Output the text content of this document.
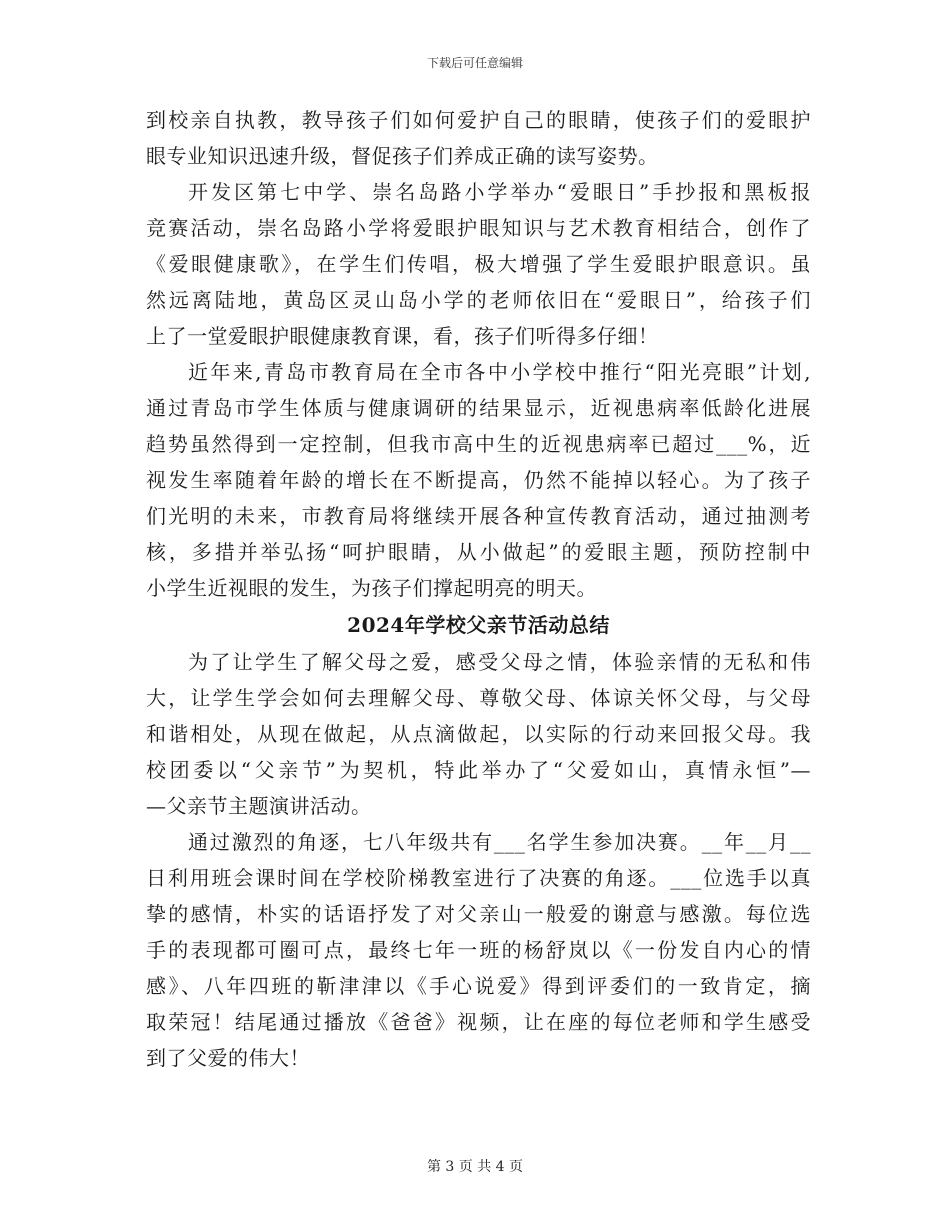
下载后可任意编辑
到校亲自执教，教导孩子们如何爱护自己的眼睛，使孩子们的爱眼护
眼专业知识迅速升级，督促孩子们养成正确的读写姿势。
开发区第七中学、崇名岛路小学举办“爱眼日”手抄报和黑板报
竞赛活动，崇名岛路小学将爱眼护眼知识与艺术教育相结合，创作了
《爱眼健康歌》，在学生们传唱，极大增强了学生爱眼护眼意识。虽
然远离陆地，黄岛区灵山岛小学的老师依旧在“爱眼日”，给孩子们
上了一堂爱眼护眼健康教育课，看，孩子们听得多仔细！
近年来,青岛市教育局在全市各中小学校中推行“阳光亮眼”计划,
通过青岛市学生体质与健康调研的结果显示，近视患病率低龄化进展
趋势虽然得到一定控制，但我市高中生的近视患病率已超过___%，近
视发生率随着年龄的增长在不断提高，仍然不能掉以轻心。为了孩子
们光明的未来，市教育局将继续开展各种宣传教育活动，通过抽测考
核，多措并举弘扬“呵护眼睛，从小做起”的爱眼主题，预防控制中
小学生近视眼的发生，为孩子们撑起明亮的明天。
2024年学校父亲节活动总结
为了让学生了解父母之爱，感受父母之情，体验亲情的无私和伟
大，让学生学会如何去理解父母、尊敬父母、体谅关怀父母，与父母
和谐相处，从现在做起，从点滴做起，以实际的行动来回报父母。我
校团委以“父亲节”为契机，特此举办了“父爱如山，真情永恒”—
—父亲节主题演讲活动。
通过激烈的角逐，七八年级共有___名学生参加决赛。__年__月__
日利用班会课时间在学校阶梯教室进行了决赛的角逐。___位选手以真
挚的感情，朴实的话语抒发了对父亲山一般爱的谢意与感激。每位选
手的表现都可圈可点，最终七年一班的杨舒岚以《一份发自内心的情
感》、八年四班的靳津津以《手心说爱》得到评委们的一致肯定，摘
取荣冠！结尾通过播放《爸爸》视频，让在座的每位老师和学生感受
到了父爱的伟大！
第 3 页 共 4 页
